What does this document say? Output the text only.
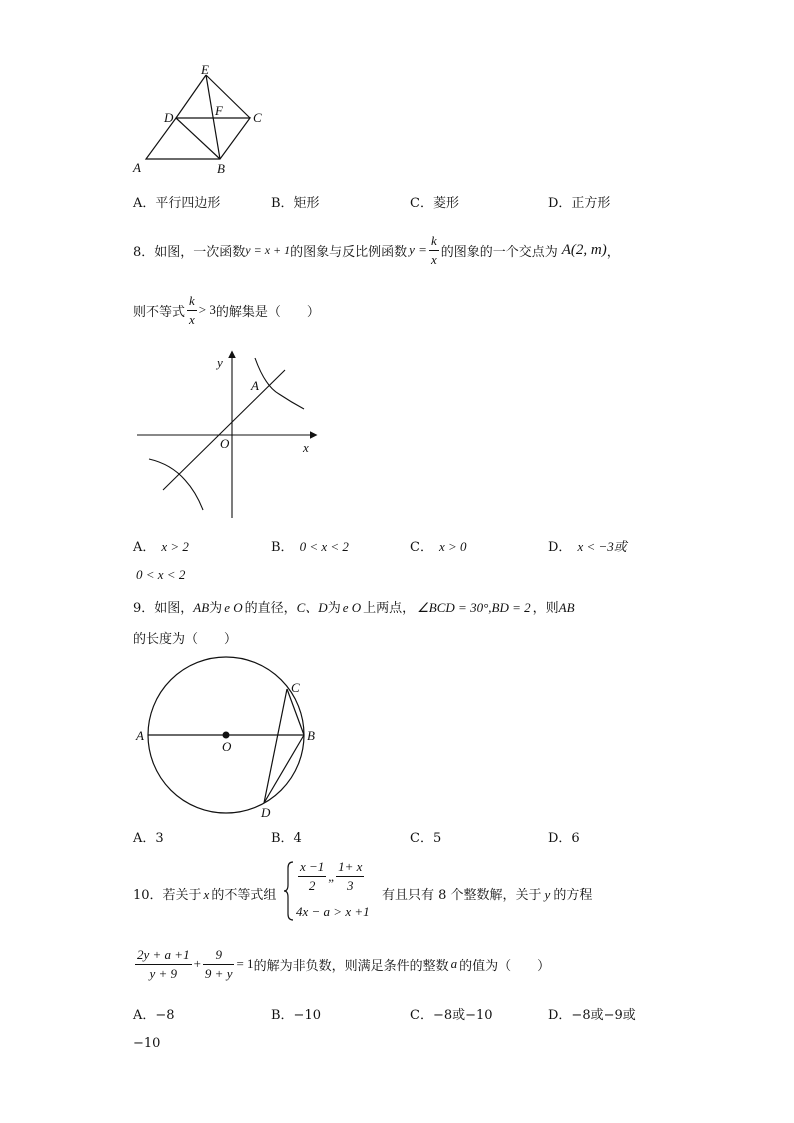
E
D	F C
A	B
A．平行四边形	B．矩形	C．菱形	D．正方形
8．如图，一次函数 y = x + 1 的图象与反比例函数 $y = \frac{k}{x}$ 的图象的一个交点为 A(2, m) ，
则不等式 $\frac{k}{x} > 3$ 的解集是（　　）
y
A
O	x
A． x > 2	B． 0 < x < 2	C． x > 0	D． x < −3或
0 < x < 2
9．如图，AB为 e O 的直径，C、D为 e O 上两点， ∠BCD = 30°,BD = 2 ，则AB
的长度为（　　）
A
O
B
C
D
A．3	B．4	C．5	D．6
10．若关于 x 的不等式组
$\frac{x -1}{2}$ „ $\frac{1+ x}{3}$
4x − a > x +1
有且只有 8 个整数解，关于 y 的方程
$\frac{2y + a +1}{y + 9} + \frac{9}{9 + y} = 1$ 的解为非负数，则满足条件的整数 a 的值为（　　）
A．−8	B．−10	C．−8或−10	D．−8或−9或
−10
